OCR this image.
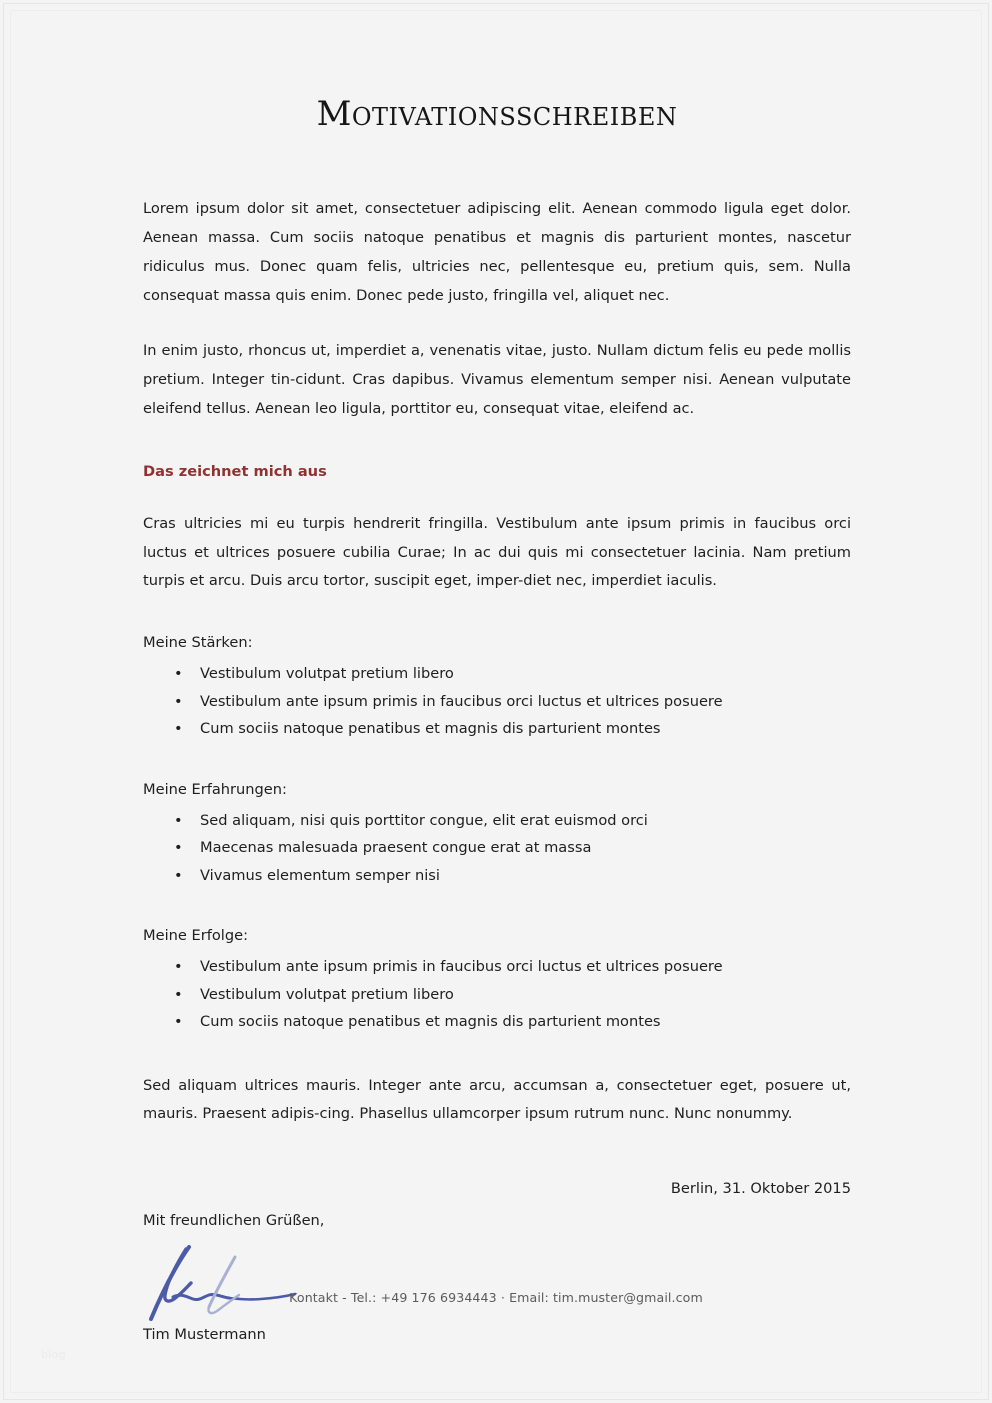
Motivationsschreiben

Lorem ipsum dolor sit amet, consectetuer adipiscing elit. Aenean commodo ligula eget dolor. Aenean massa. Cum sociis natoque penatibus et magnis dis parturient montes, nascetur ridiculus mus. Donec quam felis, ultricies nec, pellentesque eu, pretium quis, sem. Nulla consequat massa quis enim. Donec pede justo, fringilla vel, aliquet nec.

In enim justo, rhoncus ut, imperdiet a, venenatis vitae, justo. Nullam dictum felis eu pede mollis pretium. Integer tin-cidunt. Cras dapibus. Vivamus elementum semper nisi. Aenean vulputate eleifend tellus. Aenean leo ligula, porttitor eu, consequat vitae, eleifend ac.

Das zeichnet mich aus

Cras ultricies mi eu turpis hendrerit fringilla. Vestibulum ante ipsum primis in faucibus orci luctus et ultrices posuere cubilia Curae; In ac dui quis mi consectetuer lacinia. Nam pretium turpis et arcu. Duis arcu tortor, suscipit eget, imper-diet nec, imperdiet iaculis.

Meine Stärken:

• Vestibulum volutpat pretium libero
• Vestibulum ante ipsum primis in faucibus orci luctus et ultrices posuere
• Cum sociis natoque penatibus et magnis dis parturient montes

Meine Erfahrungen:

• Sed aliquam, nisi quis porttitor congue, elit erat euismod orci
• Maecenas malesuada praesent congue erat at massa
• Vivamus elementum semper nisi

Meine Erfolge:

• Vestibulum ante ipsum primis in faucibus orci luctus et ultrices posuere
• Vestibulum volutpat pretium libero
• Cum sociis natoque penatibus et magnis dis parturient montes

Sed aliquam ultrices mauris. Integer ante arcu, accumsan a, consectetuer eget, posuere ut, mauris. Praesent adipis-cing. Phasellus ullamcorper ipsum rutrum nunc. Nunc nonummy.

Berlin, 31. Oktober 2015

Mit freundlichen Grüßen,

Tim Mustermann

Kontakt - Tel.: +49 176 6934443 · Email: tim.muster@gmail.com
blog
